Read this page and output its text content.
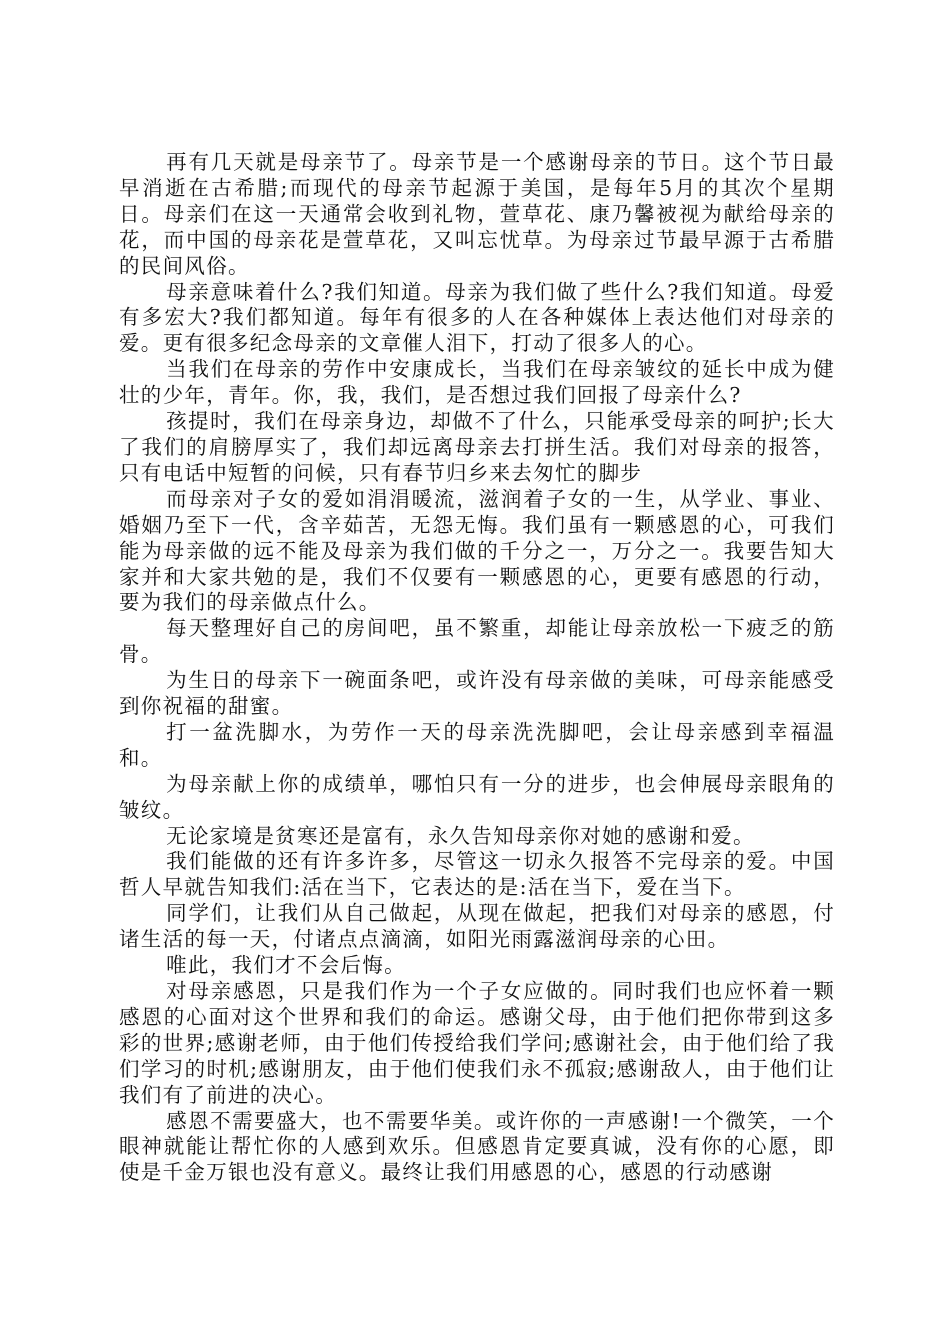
再有几天就是母亲节了。母亲节是一个感谢母亲的节日。这个节日最早消逝在古希腊;而现代的母亲节起源于美国，是每年5月的其次个星期日。母亲们在这一天通常会收到礼物，萱草花、康乃馨被视为献给母亲的花，而中国的母亲花是萱草花，又叫忘忧草。为母亲过节最早源于古希腊的民间风俗。

母亲意味着什么?我们知道。母亲为我们做了些什么?我们知道。母爱有多宏大?我们都知道。每年有很多的人在各种媒体上表达他们对母亲的爱。更有很多纪念母亲的文章催人泪下，打动了很多人的心。

当我们在母亲的劳作中安康成长，当我们在母亲皱纹的延长中成为健壮的少年，青年。你，我，我们，是否想过我们回报了母亲什么?

孩提时，我们在母亲身边，却做不了什么，只能承受母亲的呵护;长大了我们的肩膀厚实了，我们却远离母亲去打拼生活。我们对母亲的报答，只有电话中短暂的问候，只有春节归乡来去匆忙的脚步

而母亲对子女的爱如涓涓暖流，滋润着子女的一生，从学业、事业、婚姻乃至下一代，含辛茹苦，无怨无悔。我们虽有一颗感恩的心，可我们能为母亲做的远不能及母亲为我们做的千分之一，万分之一。我要告知大家并和大家共勉的是，我们不仅要有一颗感恩的心，更要有感恩的行动，要为我们的母亲做点什么。

每天整理好自己的房间吧，虽不繁重，却能让母亲放松一下疲乏的筋骨。

为生日的母亲下一碗面条吧，或许没有母亲做的美味，可母亲能感受到你祝福的甜蜜。

打一盆洗脚水，为劳作一天的母亲洗洗脚吧，会让母亲感到幸福温和。

为母亲献上你的成绩单，哪怕只有一分的进步，也会伸展母亲眼角的皱纹。

无论家境是贫寒还是富有，永久告知母亲你对她的感谢和爱。

我们能做的还有许多许多，尽管这一切永久报答不完母亲的爱。中国哲人早就告知我们:活在当下，它表达的是:活在当下，爱在当下。

同学们，让我们从自己做起，从现在做起，把我们对母亲的感恩，付诸生活的每一天，付诸点点滴滴，如阳光雨露滋润母亲的心田。

唯此，我们才不会后悔。

对母亲感恩，只是我们作为一个子女应做的。同时我们也应怀着一颗感恩的心面对这个世界和我们的命运。感谢父母，由于他们把你带到这多彩的世界;感谢老师，由于他们传授给我们学问;感谢社会，由于他们给了我们学习的时机;感谢朋友，由于他们使我们永不孤寂;感谢敌人，由于他们让我们有了前进的决心。

感恩不需要盛大，也不需要华美。或许你的一声感谢!一个微笑，一个眼神就能让帮忙你的人感到欢乐。但感恩肯定要真诚，没有你的心愿，即使是千金万银也没有意义。最终让我们用感恩的心，感恩的行动感谢
